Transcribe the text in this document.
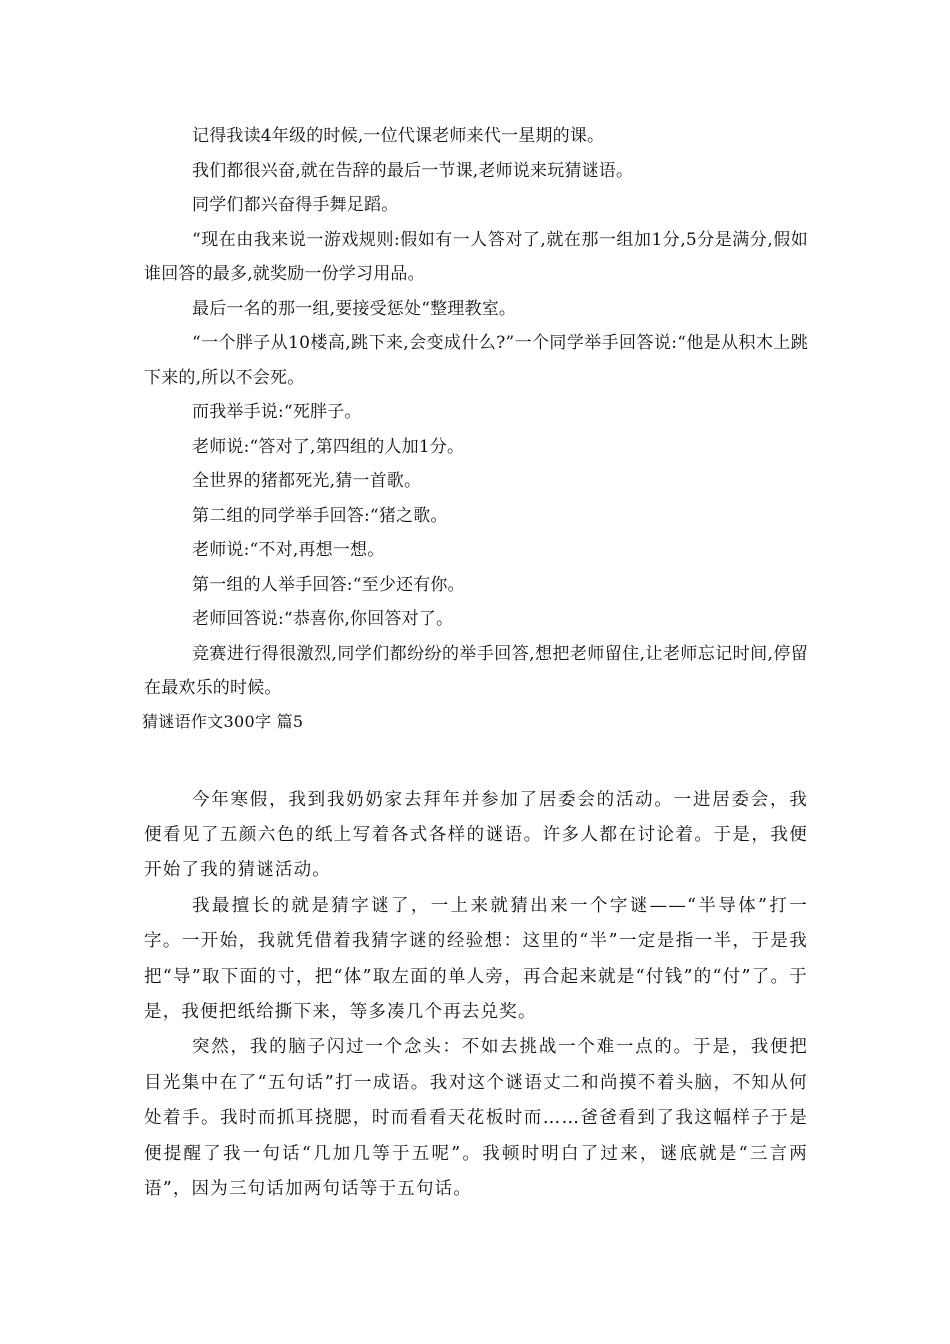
记得我读4年级的时候,一位代课老师来代一星期的课。

我们都很兴奋,就在告辞的最后一节课,老师说来玩猜谜语。

同学们都兴奋得手舞足蹈。

“现在由我来说一游戏规则:假如有一人答对了,就在那一组加1分,5分是满分,假如谁回答的最多,就奖励一份学习用品。

最后一名的那一组,要接受惩处“整理教室。

“一个胖子从10楼高,跳下来,会变成什么?”一个同学举手回答说:“他是从积木上跳下来的,所以不会死。

而我举手说:“死胖子。

老师说:“答对了,第四组的人加1分。

全世界的猪都死光,猜一首歌。

第二组的同学举手回答:“猪之歌。

老师说:“不对,再想一想。

第一组的人举手回答:“至少还有你。

老师回答说:“恭喜你,你回答对了。

竞赛进行得很激烈,同学们都纷纷的举手回答,想把老师留住,让老师忘记时间,停留在最欢乐的时候。

猜谜语作文300字 篇5

今年寒假，我到我奶奶家去拜年并参加了居委会的活动。一进居委会，我便看见了五颜六色的纸上写着各式各样的谜语。许多人都在讨论着。于是，我便开始了我的猜谜活动。

我最擅长的就是猜字谜了，一上来就猜出来一个字谜——“半导体”打一字。一开始，我就凭借着我猜字谜的经验想：这里的“半”一定是指一半，于是我把“导”取下面的寸，把“体”取左面的单人旁，再合起来就是“付钱”的“付”了。于是，我便把纸给撕下来，等多凑几个再去兑奖。

突然，我的脑子闪过一个念头：不如去挑战一个难一点的。于是，我便把目光集中在了“五句话”打一成语。我对这个谜语丈二和尚摸不着头脑，不知从何处着手。我时而抓耳挠腮，时而看看天花板时而……爸爸看到了我这幅样子于是便提醒了我一句话“几加几等于五呢”。我顿时明白了过来，谜底就是“三言两语”，因为三句话加两句话等于五句话。
